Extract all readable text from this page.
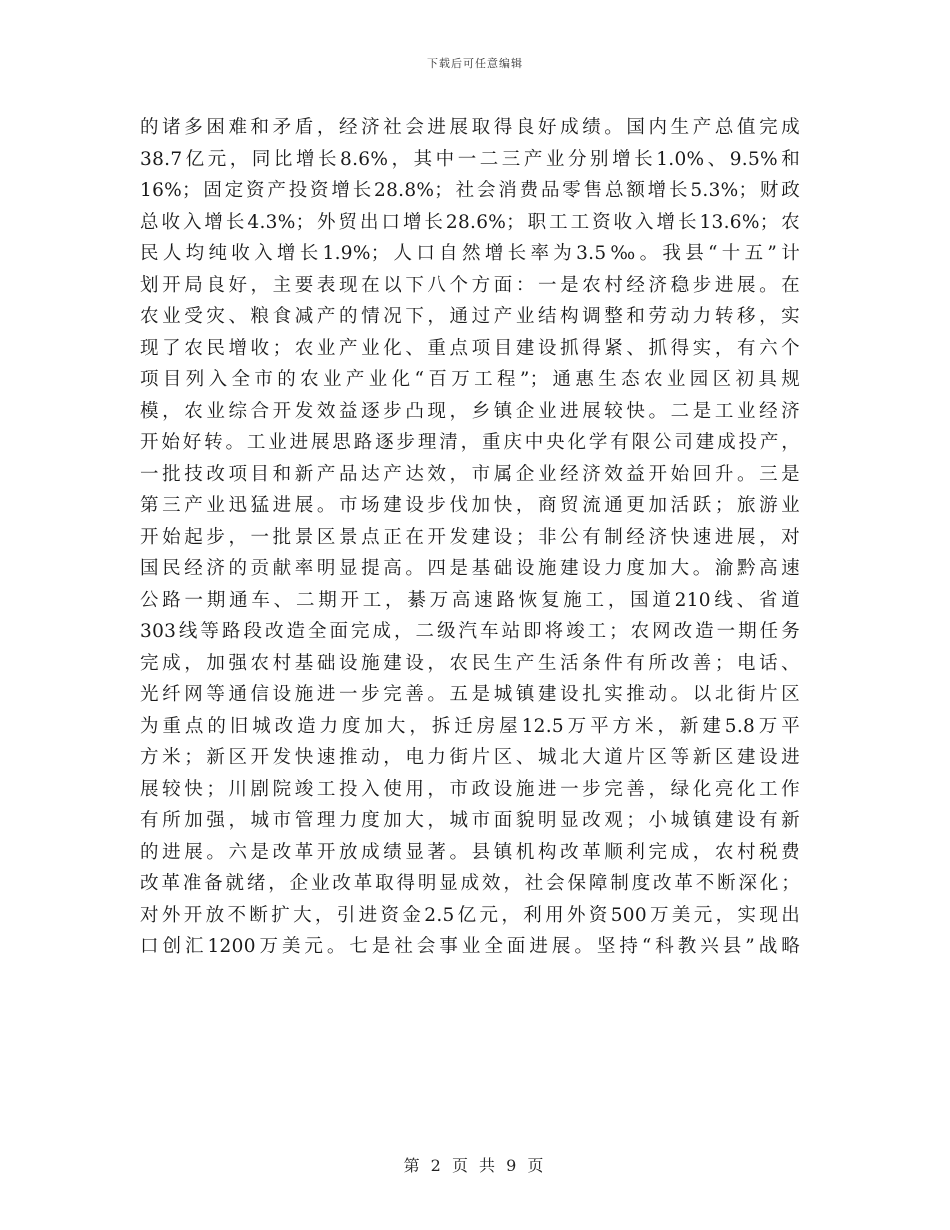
下载后可任意编辑
的诸多困难和矛盾，经济社会进展取得良好成绩。国内生产总值完成
38.7亿元，同比增长8.6%，其中一二三产业分别增长1.0%、9.5%和
16%；固定资产投资增长28.8%；社会消费品零售总额增长5.3%；财政
总收入增长4.3%；外贸出口增长28.6%；职工工资收入增长13.6%；农
民人均纯收入增长1.9%；人口自然增长率为3.5‰。我县“十五”计
划开局良好，主要表现在以下八个方面：一是农村经济稳步进展。在
农业受灾、粮食减产的情况下，通过产业结构调整和劳动力转移，实
现了农民增收；农业产业化、重点项目建设抓得紧、抓得实，有六个
项目列入全市的农业产业化“百万工程”；通惠生态农业园区初具规
模，农业综合开发效益逐步凸现，乡镇企业进展较快。二是工业经济
开始好转。工业进展思路逐步理清，重庆中央化学有限公司建成投产，
一批技改项目和新产品达产达效，市属企业经济效益开始回升。三是
第三产业迅猛进展。市场建设步伐加快，商贸流通更加活跃；旅游业
开始起步，一批景区景点正在开发建设；非公有制经济快速进展，对
国民经济的贡献率明显提高。四是基础设施建设力度加大。渝黔高速
公路一期通车、二期开工，綦万高速路恢复施工，国道210线、省道
303线等路段改造全面完成，二级汽车站即将竣工；农网改造一期任务
完成，加强农村基础设施建设，农民生产生活条件有所改善；电话、
光纤网等通信设施进一步完善。五是城镇建设扎实推动。以北街片区
为重点的旧城改造力度加大，拆迁房屋12.5万平方米，新建5.8万平
方米；新区开发快速推动，电力街片区、城北大道片区等新区建设进
展较快；川剧院竣工投入使用，市政设施进一步完善，绿化亮化工作
有所加强，城市管理力度加大，城市面貌明显改观；小城镇建设有新
的进展。六是改革开放成绩显著。县镇机构改革顺利完成，农村税费
改革准备就绪，企业改革取得明显成效，社会保障制度改革不断深化；
对外开放不断扩大，引进资金2.5亿元，利用外资500万美元，实现出
口创汇1200万美元。七是社会事业全面进展。坚持“科教兴县”战略
第 2 页 共 9 页
